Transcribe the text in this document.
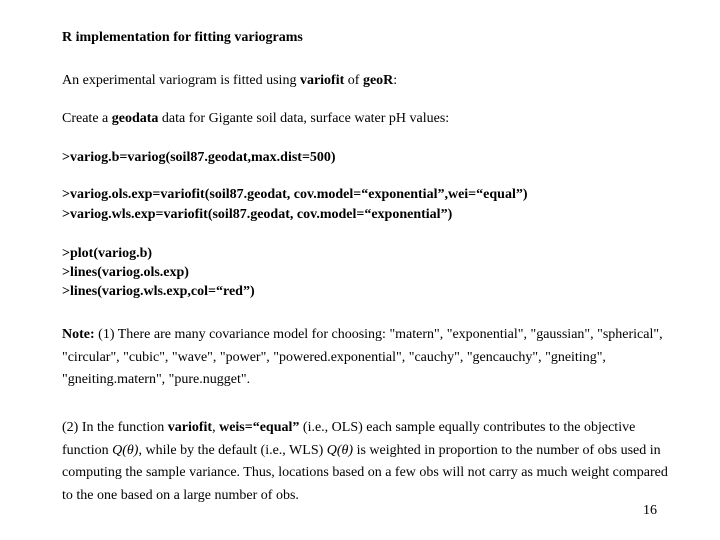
R implementation for fitting variograms
An experimental variogram is fitted using variofit of geoR:
Create a geodata data for Gigante soil data, surface water pH values:
>variog.b=variog(soil87.geodat,max.dist=500)
>variog.ols.exp=variofit(soil87.geodat, cov.model=“exponential”,wei=“equal”)
>variog.wls.exp=variofit(soil87.geodat, cov.model=“exponential”)
>plot(variog.b)
>lines(variog.ols.exp)
>lines(variog.wls.exp,col=“red”)

Note: (1) There are many covariance model for choosing: "matern", "exponential", "gaussian", "spherical", "circular", "cubic", "wave", "power", "powered.exponential", "cauchy", "gencauchy", "gneiting", "gneiting.matern", "pure.nugget".

(2) In the function variofit, weis=“equal” (i.e., OLS) each sample equally contributes to the objective function Q(θ), while by the default (i.e., WLS) Q(θ) is weighted in proportion to the number of obs used in computing the sample variance. Thus, locations based on a few obs will not carry as much weight compared to the one based on a large number of obs.

16
